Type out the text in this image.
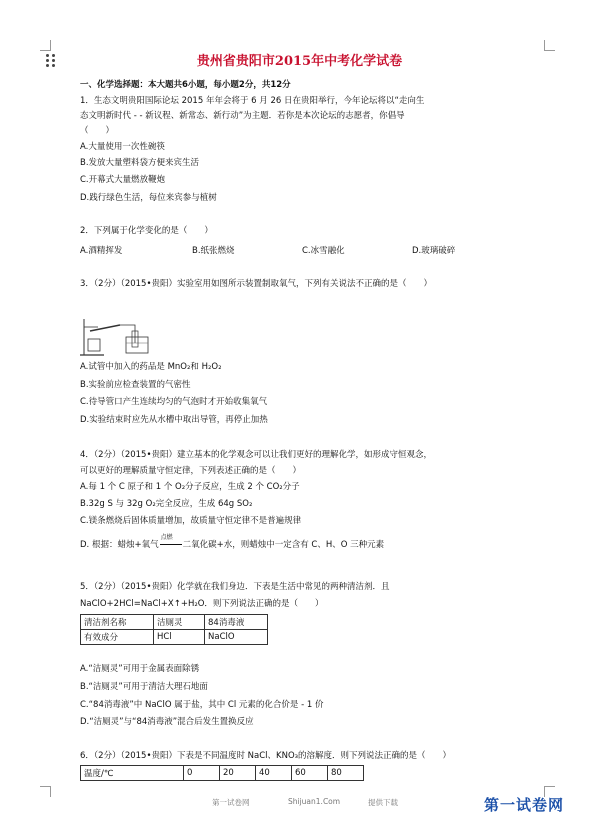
贵州省贵阳市2015年中考化学试卷
一、化学选择题：本大题共6小题，每小题2分，共12分
1．生态文明贵阳国际论坛 2015 年年会将于 6 月 26 日在贵阳举行，今年论坛将以“走向生
态文明新时代 - - 新议程、新常态、新行动”为主题．若你是本次论坛的志愿者，你倡导
（　　）
A.大量使用一次性碗筷
B.发放大量塑料袋方便来宾生活
C.开幕式大量燃放鞭炮
D.践行绿色生活，每位来宾参与植树
2．下列属于化学变化的是（　　）
A.酒精挥发	B.纸张燃烧	C.冰雪融化	D.玻璃破碎
3．（2分）（2015•贵阳）实验室用如图所示装置制取氧气，下列有关说法不正确的是（　　）
A.试管中加入的药品是 MnO₂和 H₂O₂
B.实验前应检查装置的气密性
C.待导管口产生连续均匀的气泡时才开始收集氧气
D.实验结束时应先从水槽中取出导管，再停止加热
4．（2分）（2015•贵阳）建立基本的化学观念可以让我们更好的理解化学，如形成守恒观念，
可以更好的理解质量守恒定律，下列表述正确的是（　　）
A.每 1 个 C 原子和 1 个 O₂分子反应，生成 2 个 CO₂分子
B.32g S 与 32g O₂完全反应，生成 64g SO₂
C.镁条燃烧后固体质量增加，故质量守恒定律不是普遍规律
D. 根据：蜡烛+氧气
点燃
二氧化碳+水，则蜡烛中一定含有 C、H、O 三种元素
5．（2分）（2015•贵阳）化学就在我们身边．下表是生活中常见的两种清洁剂．且
NaClO+2HCl=NaCl+X↑+H₂O．则下列说法正确的是（　　）
清洁剂名称	洁厕灵	84消毒液
有效成分	HCl	NaClO
A.“洁厕灵”可用于金属表面除锈
B.“洁厕灵”可用于清洁大理石地面
C.“84消毒液”中 NaClO 属于盐，其中 Cl 元素的化合价是 - 1 价
D.“洁厕灵”与“84消毒液”混合后发生置换反应
6．（2分）（2015•贵阳）下表是不同温度时 NaCl、KNO₃的溶解度．则下列说法正确的是（　　）
温度/℃	0	20	40	60	80
第一试卷网	Shijuan1.Com	提供下载	第一试卷网
